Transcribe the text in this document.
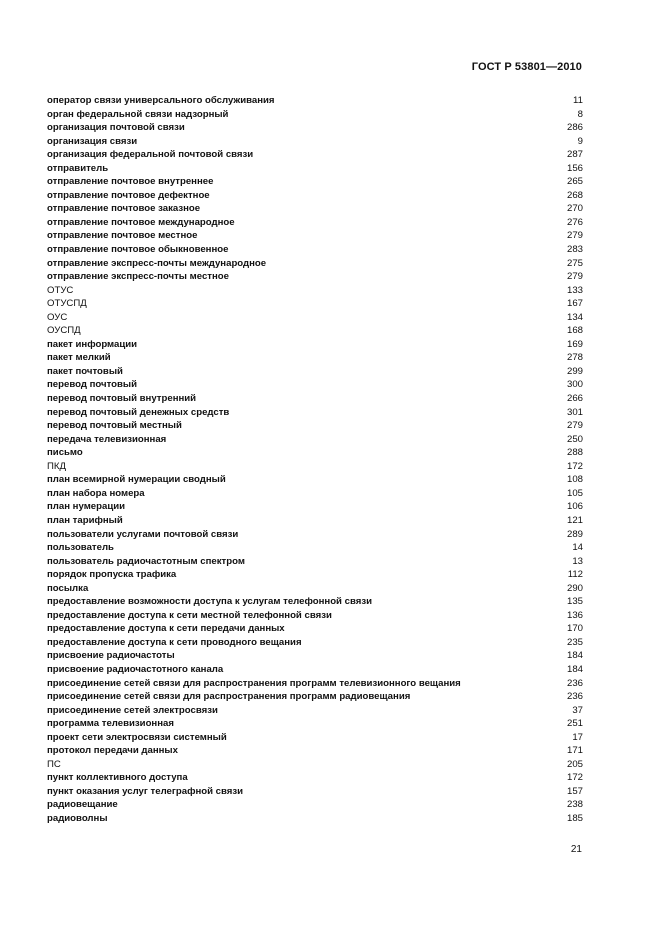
ГОСТ Р 53801—2010
оператор связи универсального обслуживания	11
орган федеральной связи надзорный	8
организация почтовой связи	286
организация связи	9
организация федеральной почтовой связи	287
отправитель	156
отправление почтовое внутреннее	265
отправление почтовое дефектное	268
отправление почтовое заказное	270
отправление почтовое международное	276
отправление почтовое местное	279
отправление почтовое обыкновенное	283
отправление экспресс-почты международное	275
отправление экспресс-почты местное	279
ОТУС	133
ОТУСПД	167
ОУС	134
ОУСПД	168
пакет информации	169
пакет мелкий	278
пакет почтовый	299
перевод почтовый	300
перевод почтовый внутренний	266
перевод почтовый денежных средств	301
перевод почтовый местный	279
передача телевизионная	250
письмо	288
ПКД	172
план всемирной нумерации сводный	108
план набора номера	105
план нумерации	106
план тарифный	121
пользователи услугами почтовой связи	289
пользователь	14
пользователь радиочастотным спектром	13
порядок пропуска трафика	112
посылка	290
предоставление возможности доступа к услугам телефонной связи	135
предоставление доступа к сети местной телефонной связи	136
предоставление доступа к сети передачи данных	170
предоставление доступа к сети проводного вещания	235
присвоение радиочастоты	184
присвоение радиочастотного канала	184
присоединение сетей связи для распространения программ телевизионного вещания	236
присоединение сетей связи для распространения программ радиовещания	236
присоединение сетей электросвязи	37
программа телевизионная	251
проект сети электросвязи системный	17
протокол передачи данных	171
ПС	205
пункт коллективного доступа	172
пункт оказания услуг телеграфной связи	157
радиовещание	238
радиоволны	185
21
